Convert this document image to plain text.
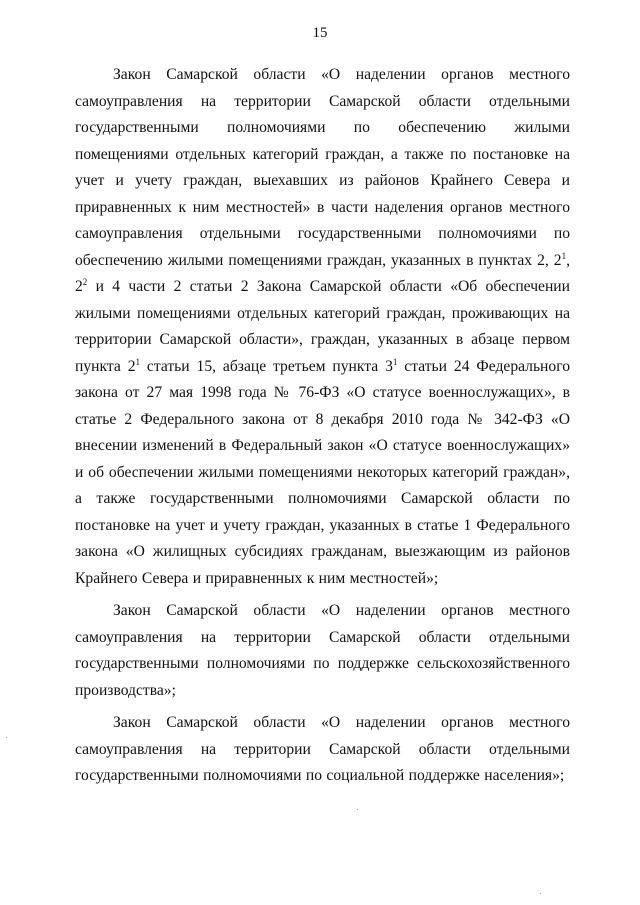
15

Закон Самарской области «О наделении органов местного самоуправления на территории Самарской области отдельными государственными полномочиями по обеспечению жилыми помещениями отдельных категорий граждан, а также по постановке на учет и учету граждан, выехавших из районов Крайнего Севера и приравненных к ним местностей» в части наделения органов местного самоуправления отдельными государственными полномочиями по обеспечению жилыми помещениями граждан, указанных в пунктах 2, $2^1$, $2^2$ и 4 части 2 статьи 2 Закона Самарской области «Об обеспечении жилыми помещениями отдельных категорий граждан, проживающих на территории Самарской области», граждан, указанных в абзаце первом пункта $2^1$ статьи 15, абзаце третьем пункта $3^1$ статьи 24 Федерального закона от 27 мая 1998 года № 76-ФЗ «О статусе военнослужащих», в статье 2 Федерального закона от 8 декабря 2010 года № 342-ФЗ «О внесении изменений в Федеральный закон «О статусе военнослужащих» и об обеспечении жилыми помещениями некоторых категорий граждан», а также государственными полномочиями Самарской области по постановке на учет и учету граждан, указанных в статье 1 Федерального закона «О жилищных субсидиях гражданам, выезжающим из районов Крайнего Севера и приравненных к ним местностей»;

Закон Самарской области «О наделении органов местного самоуправления на территории Самарской области отдельными государственными полномочиями по поддержке сельскохозяйственного производства»;

Закон Самарской области «О наделении органов местного самоуправления на территории Самарской области отдельными государственными полномочиями по социальной поддержке населения»;
